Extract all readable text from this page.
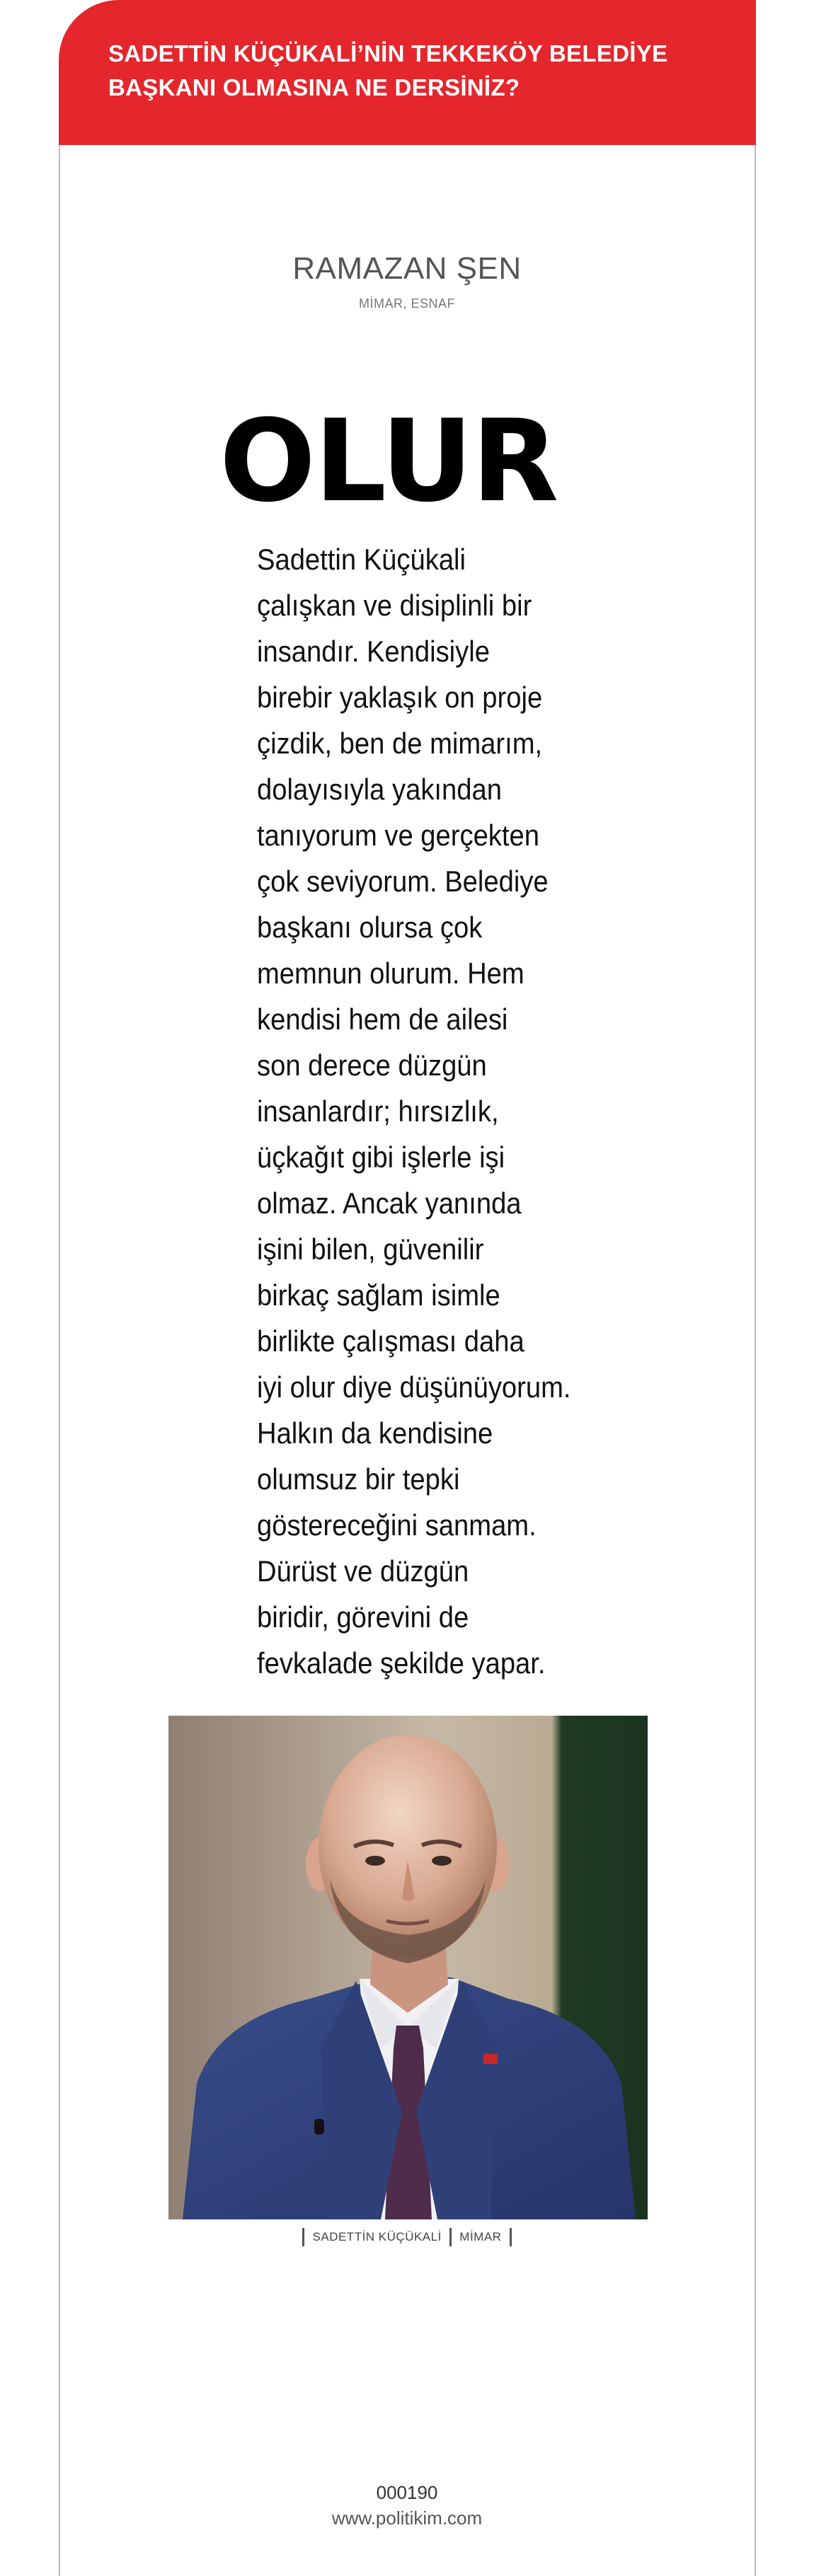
SADETTİN KÜÇÜKALİ’NİN TEKKEKÖY BELEDİYE BAŞKANI OLMASINA NE DERSİNİZ?
RAMAZAN ŞEN
MİMAR, ESNAF
OLUR
Sadettin Küçükali
çalışkan ve disiplinli bir
insandır. Kendisiyle
birebir yaklaşık on proje
çizdik, ben de mimarım,
dolayısıyla yakından
tanıyorum ve gerçekten
çok seviyorum. Belediye
başkanı olursa çok
memnun olurum. Hem
kendisi hem de ailesi
son derece düzgün
insanlardır; hırsızlık,
üçkağıt gibi işlerle işi
olmaz. Ancak yanında
işini bilen, güvenilir
birkaç sağlam isimle
birlikte çalışması daha
iyi olur diye düşünüyorum.
Halkın da kendisine
olumsuz bir tepki
göstereceğini sanmam.
Dürüst ve düzgün
biridir, görevini de
fevkalade şekilde yapar.
SADETTİN KÜÇÜKALİ MİMAR
000190
www.politikim.com
